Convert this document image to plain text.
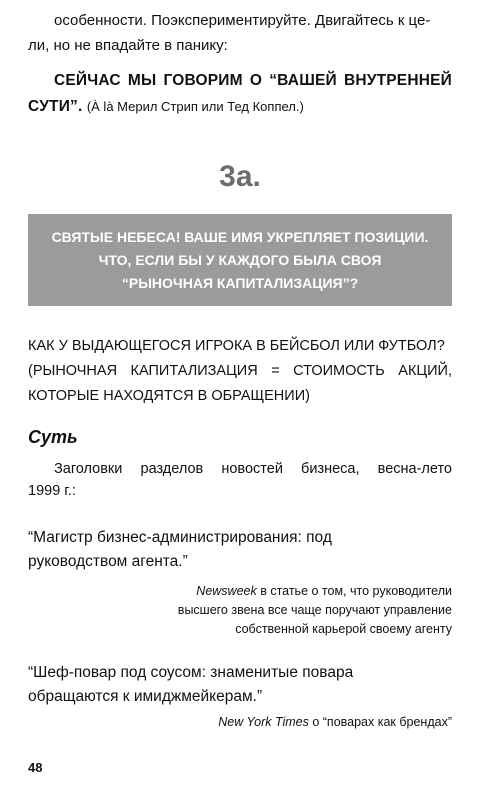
особенности. Поэкспериментируйте. Двигайтесь к це-
ли, но не впадайте в панику:

СЕЙЧАС МЫ ГОВОРИМ О “ВАШЕЙ ВНУТРЕННЕЙ СУТИ”. (À là Мерил Стрип или Тед Коппел.)

3a.
СВЯТЫЕ НЕБЕСА! ВАШЕ ИМЯ УКРЕПЛЯЕТ ПОЗИЦИИ.
ЧТО, ЕСЛИ БЫ У КАЖДОГО БЫЛА СВОЯ
“РЫНОЧНАЯ КАПИТАЛИЗАЦИЯ”?

КАК У ВЫДАЮЩЕГОСЯ ИГРОКА В БЕЙСБОЛ ИЛИ ФУТБОЛ?
(РЫНОЧНАЯ КАПИТАЛИЗАЦИЯ = СТОИМОСТЬ АКЦИЙ,
КОТОРЫЕ НАХОДЯТСЯ В ОБРАЩЕНИИ)

Суть

Заголовки разделов новостей бизнеса, весна-лето
1999 г.:

“Магистр бизнес-администрирования: под
руководством агента.”

Newsweek в статье о том, что руководители
высшего звена все чаще поручают управление
собственной карьерой своему агенту

“Шеф-повар под соусом: знаменитые повара
обращаются к имиджмейкерам.”

New York Times о “поварах как брендах”

48
